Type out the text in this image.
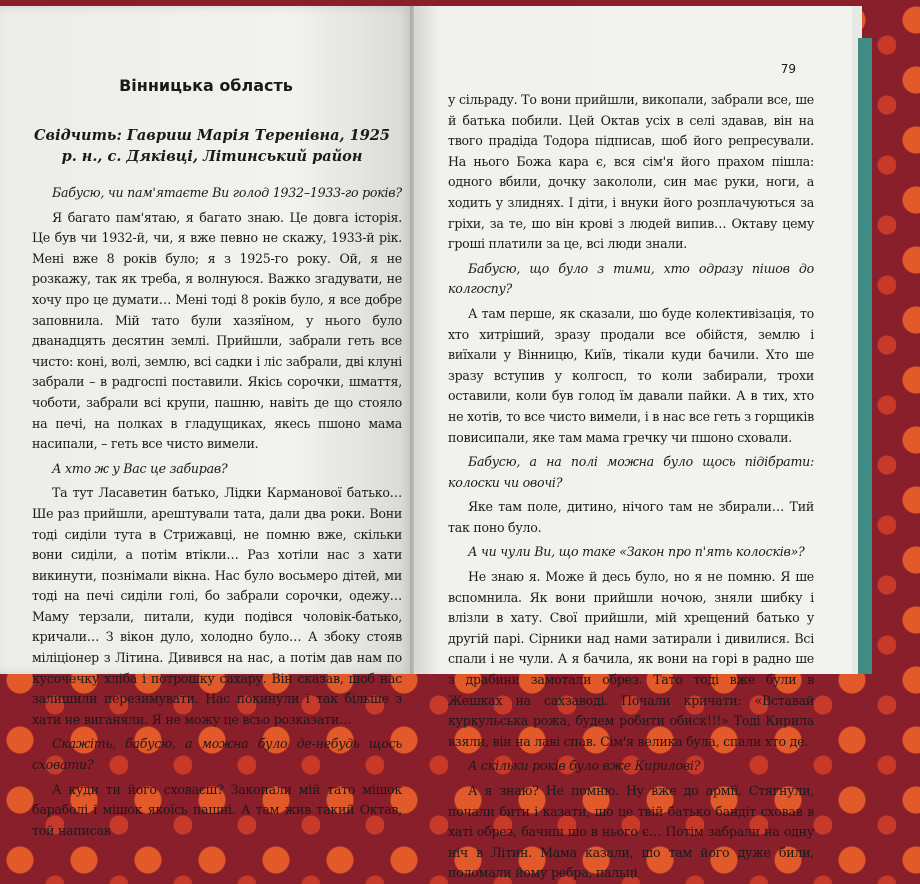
Вінницька область
Свідчить: Гавриш Марія Теренівна, 1925 р. н., с. Дяківці, Літинський район

Бабусю, чи пам'ятаєте Ви голод 1932–1933-го років?

Я багато пам'ятаю, я багато знаю. Це довга історія. Це був чи 1932-й, чи, я вже певно не скажу, 1933-й рік. Мені вже 8 років було; я з 1925-го року. Ой, я не розкажу, так як треба, я волнуюся. Важко згадувати, не хочу про це думати… Мені тоді 8 років було, я все добре заповнила. Мій тато були хазяїном, у нього було дванадцять десятин землі. Прийшли, забрали геть все чисто: коні, волі, землю, всі садки і ліс забрали, дві клуні забрали – в радгоспі поставили. Якісь сорочки, шмаття, чоботи, забрали всі крупи, пашню, навіть де що стояло на печі, на полках в гладущиках, якесь пшоно мама насипали, – геть все чисто вимели.

А хто ж у Вас це забирав?

Та тут Ласаветин батько, Лідки Карманової батько… Ше раз прийшли, арештували тата, дали два роки. Вони тоді сиділи тута в Стрижавці, не помню вже, скільки вони сиділи, а потім втікли… Раз хотіли нас з хати викинути, познімали вікна. Нас було восьмеро дітей, ми тоді на печі сиділи голі, бо забрали сорочки, одежу… Маму терзали, питали, куди подівся чоловік-батько, кричали… З вікон дуло, холодно було… А збоку стояв міліціонер з Літина. Дивився на нас, а потім дав нам по кусочечку хліба і потрошку сахару. Він сказав, шоб нас залишили перезимувати. Нас покинули і так більше з хати не виганяли. Я не можу це всьо розказати…

Скажіть, бабусю, а можна було де-небудь щось сховати?

А куди ти його сховаєш? Закопали мій тато мішок бараболі і мішок якоїсь пашні. А там жив такий Октав, той написав

79

у сільраду. То вони прийшли, викопали, забрали все, ше й батька побили. Цей Октав усіх в селі здавав, він на твого прадіда Тодора підписав, шоб його репресували. На нього Божа кара є, вся сім'я його прахом пішла: одного вбили, дочку закололи, син має руки, ноги, а ходить у злиднях. І діти, і внуки його розплачуються за гріхи, за те, шо він крові з людей випив… Октаву цему гроші платили за це, всі люди знали.

Бабусю, що було з тими, хто одразу пішов до колгоспу?

А там перше, як сказали, шо буде колективізація, то хто хитріший, зразу продали все обійстя, землю і виїхали у Вінницю, Київ, тікали куди бачили. Хто ше зразу вступив у колгосп, то коли забирали, трохи оставили, коли був голод їм давали пайки. А в тих, хто не хотів, то все чисто вимели, і в нас все геть з горщиків повисипали, яке там мама гречку чи пшоно сховали.

Бабусю, а на полі можна було щось підібрати: колоски чи овочі?

Яке там поле, дитино, нічого там не збирали… Тий так поно було.

А чи чули Ви, що таке «Закон про п'ять колосків»?

Не знаю я. Може й десь було, но я не помню. Я ше вспомнила. Як вони прийшли ночою, зняли шибку і влізли в хату. Свої прийшли, мій хрещений батько у другій парі. Сірники над нами затирали і дивилися. Всі спали і не чули. А я бачила, як вони на горі в радно ше з драбини замотали обрез. Тато тоді вже були в Жешках на сахзаводі. Почали кричати: «Вставай куркульська рожа, будем робити обиск!!!» Тоді Кирила взяли, він на лаві спав. Сім'я велика була, спали хто де.

А скільки років було вже Кирилові?

А я знаю? Не помню. Ну вже до армії. Стягнули, почали бити і казати, шо це твій батько бандіт сховав в хаті обрез, бачиш шо в нього є… Потім забрали на одну ніч в Літин. Мама казали, шо там його дуже били, поломали йому ребра, пальці
